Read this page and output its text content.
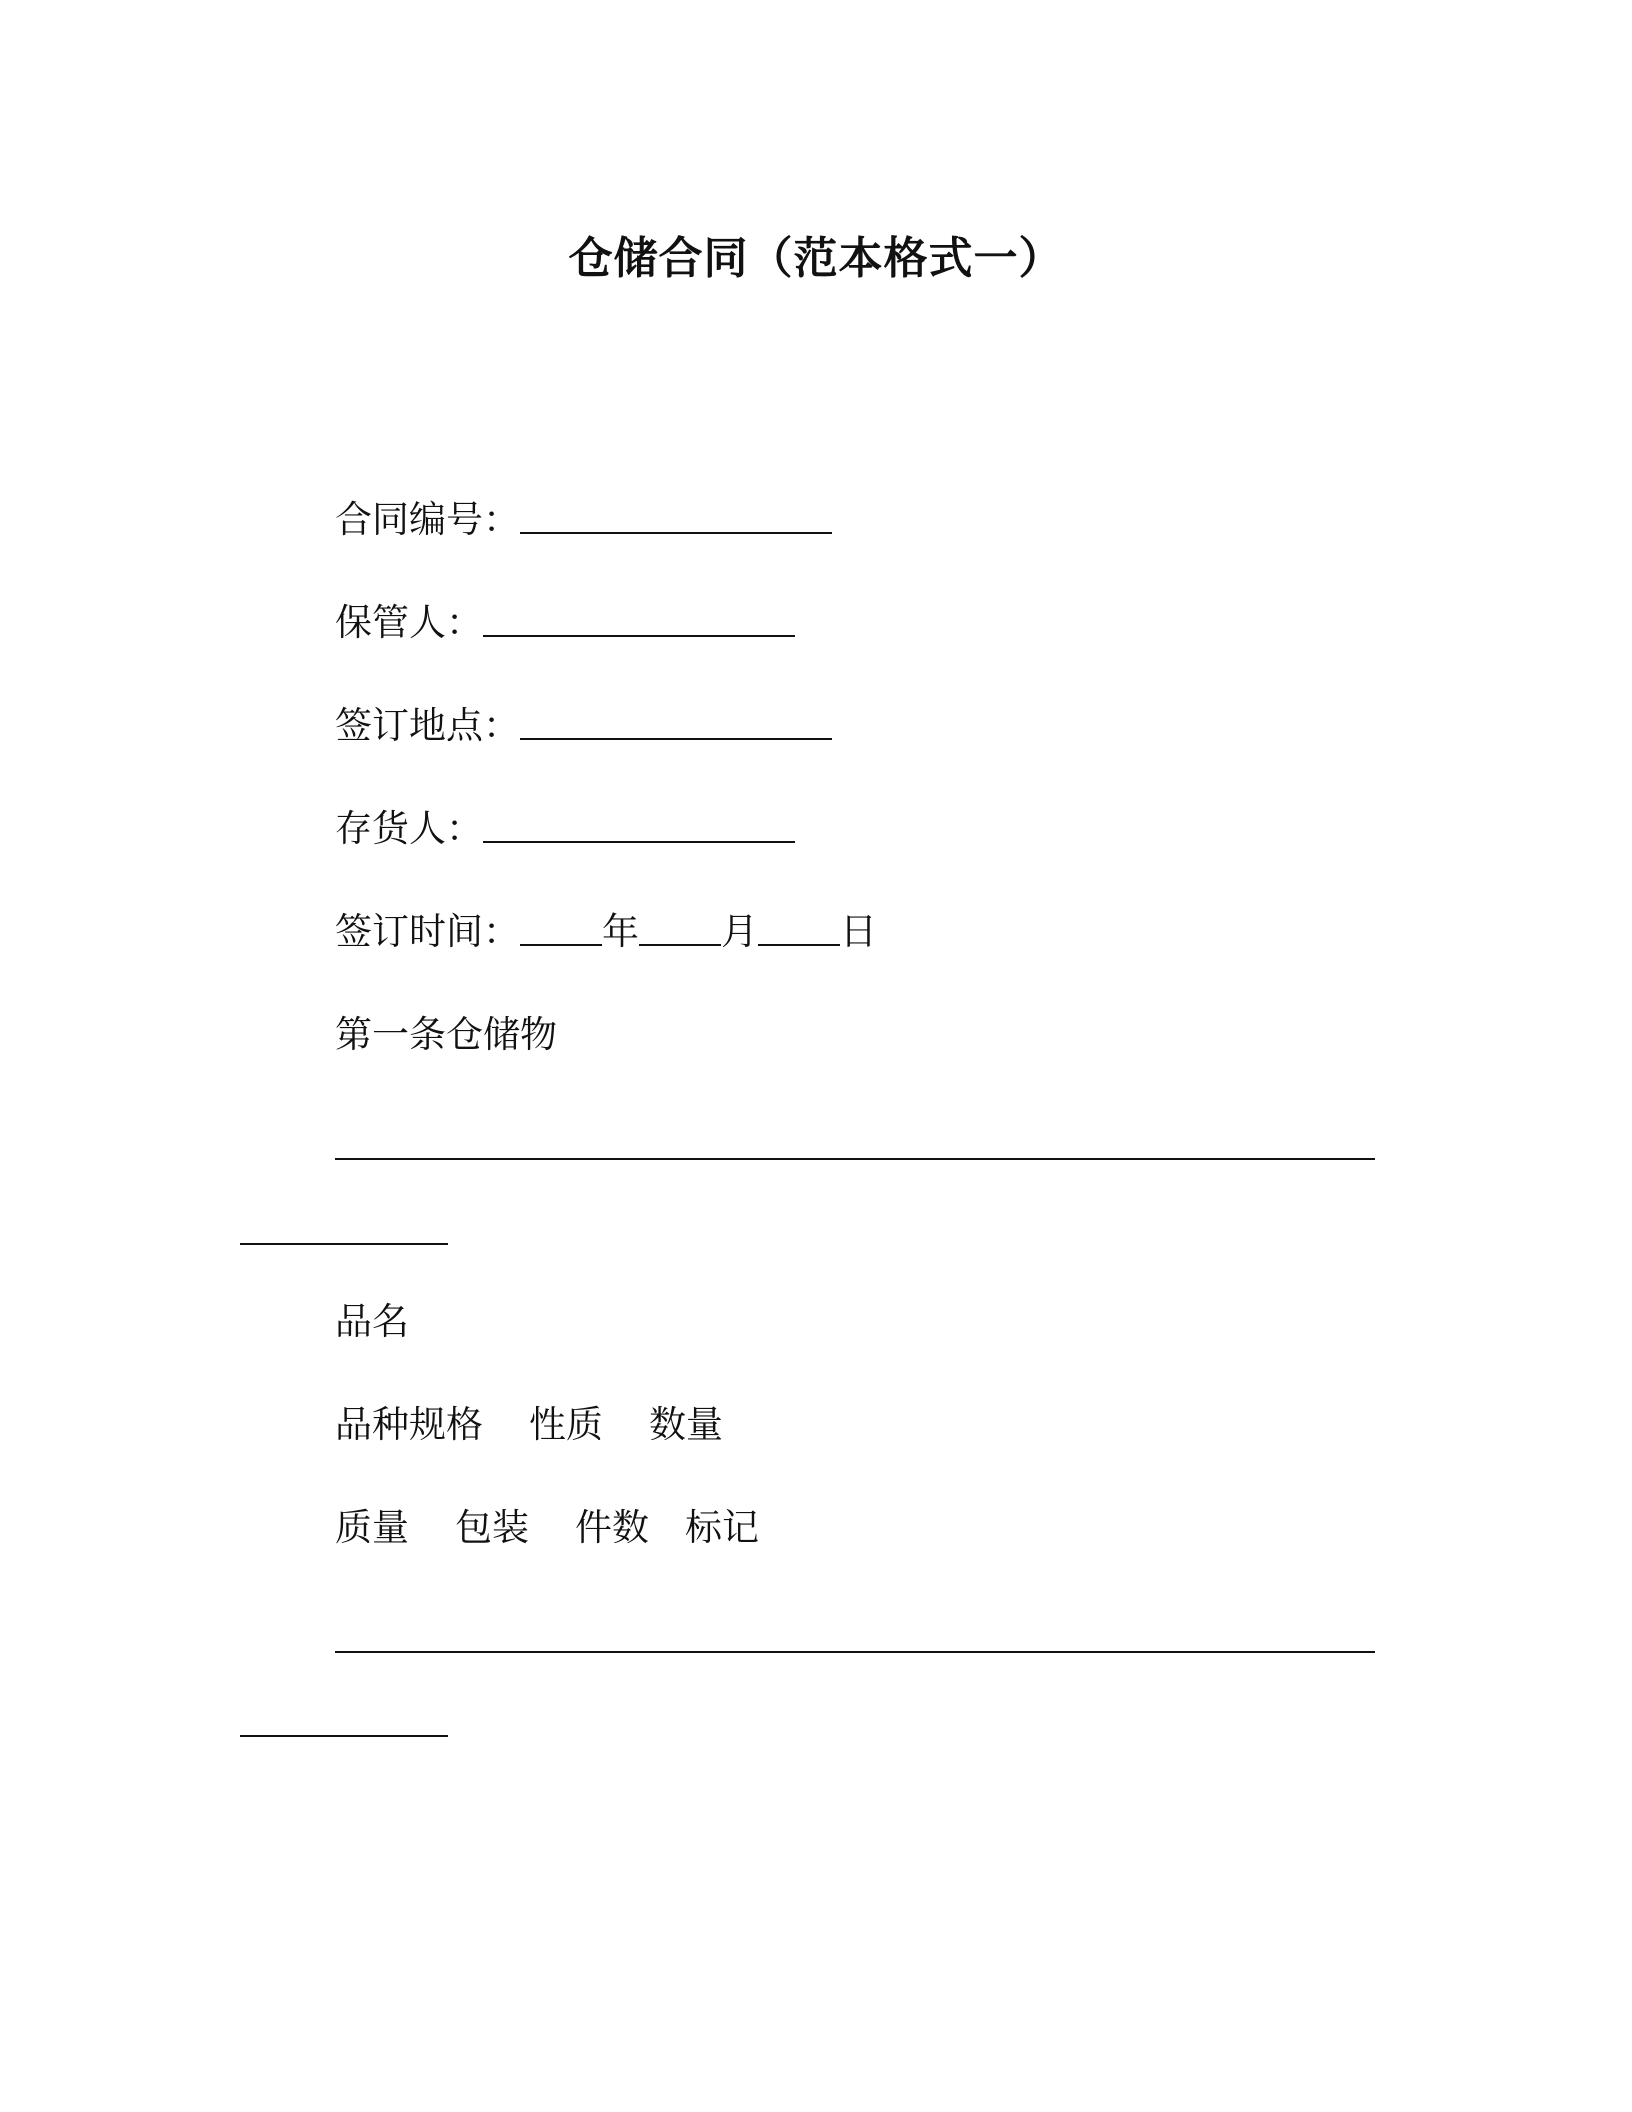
仓储合同（范本格式一）
合同编号：
保管人：
签订地点：
存货人：
签订时间： 年 月 日
第一条仓储物
品名
品种规格 性质 数量
质量 包装 件数 标记
